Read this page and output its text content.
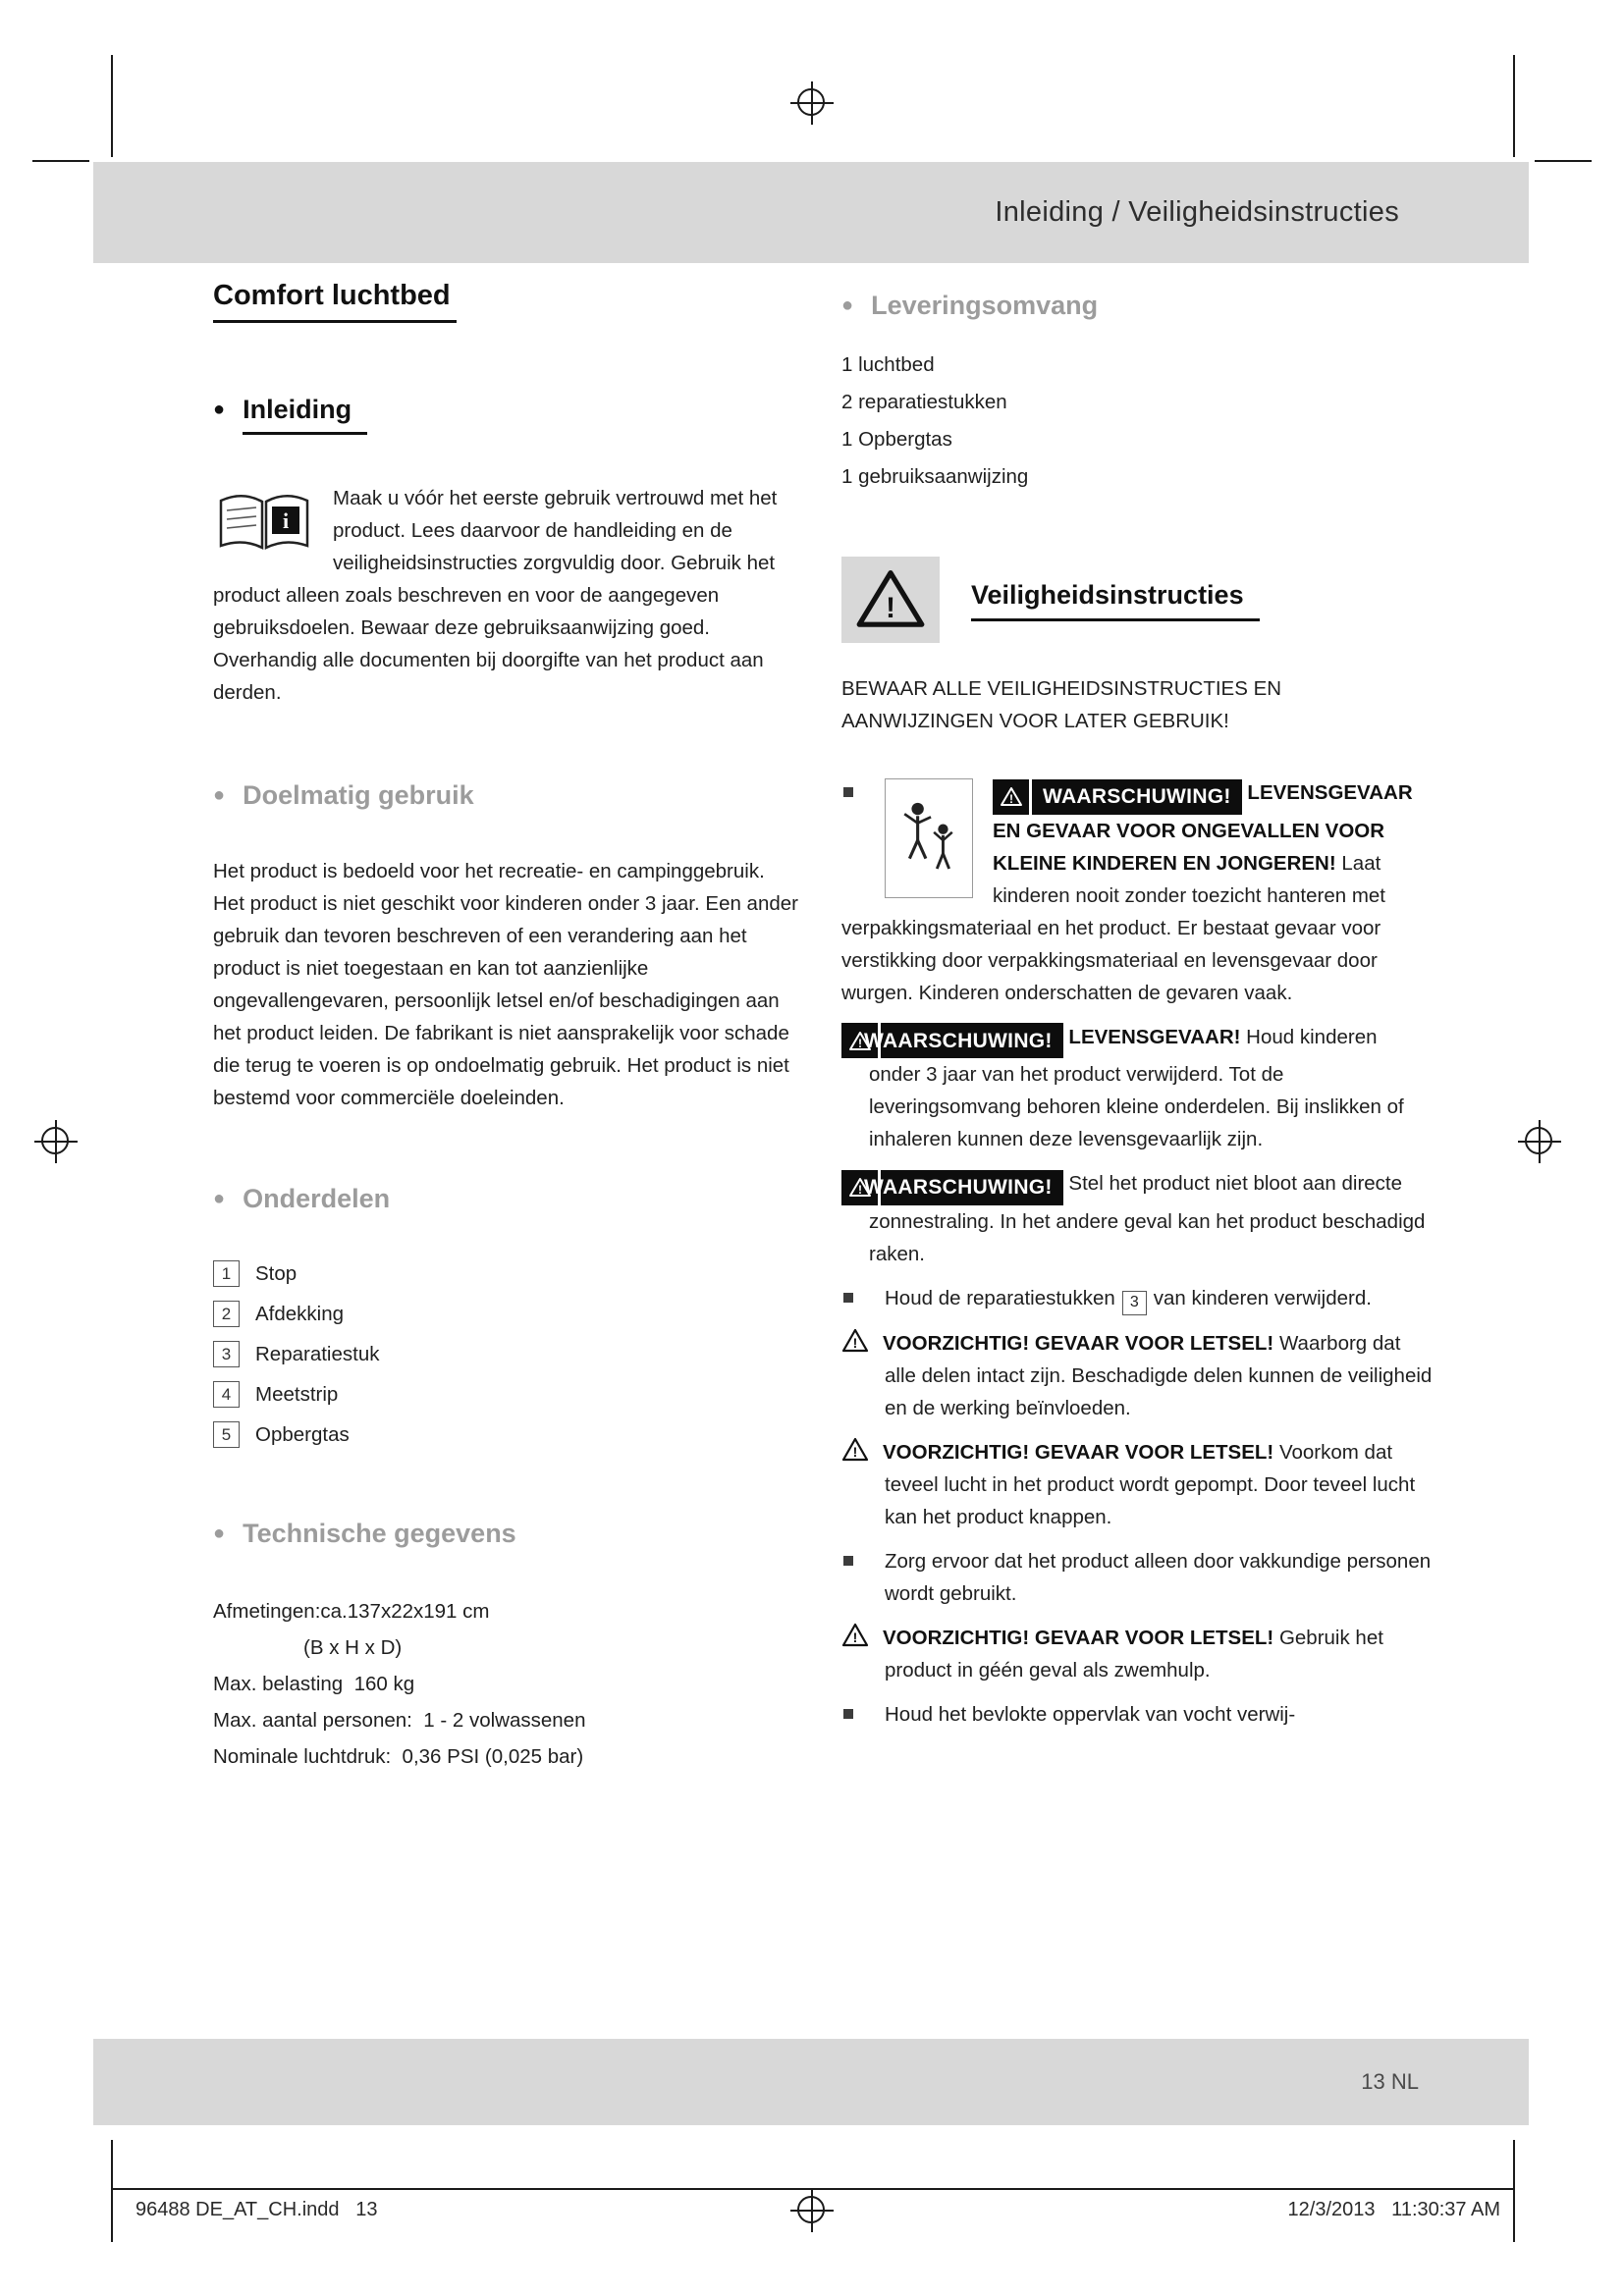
Inleiding / Veiligheidsinstructies
Comfort luchtbed
● Inleiding
i

Maak u vóór het eerste gebruik vertrouwd met het product. Lees daarvoor de handleiding en de veiligheidsinstructies zorgvuldig door. Gebruik het product alleen zoals beschreven en voor de aangegeven gebruiksdoelen. Bewaar deze gebruiksaanwijzing goed. Overhandig alle documenten bij doorgifte van het product aan derden.

● Doelmatig gebruik

Het product is bedoeld voor het recreatie- en campinggebruik. Het product is niet geschikt voor kinderen onder 3 jaar. Een ander gebruik dan tevoren beschreven of een verandering aan het product is niet toegestaan en kan tot aanzienlijke ongevallengevaren, persoonlijk letsel en/of beschadigingen aan het product leiden. De fabrikant is niet aansprakelijk voor schade die terug te voeren is op ondoelmatig gebruik. Het product is niet bestemd voor commerciële doeleinden.

● Onderdelen
1	Stop
2	Afdekking
3	Reparatiestuk
4	Meetstrip
5	Opbergtas
● Technische gegevens
Afmetingen:ca.137x22x191 cm
(B x H x D)
Max. belasting  160 kg
Max. aantal personen:  1 - 2 volwassenen
Nominale luchtdruk:  0,36 PSI (0,025 bar)
● Leveringsomvang

1 luchtbed

2 reparatiestukken

1 Opbergtas

1 gebruiksaanwijzing

!	Veiligheidsinstructies

BEWAAR ALLE VEILIGHEIDSINSTRUCTIES EN AANWIJZINGEN VOOR LATER GEBRUIK!

!	WAARSCHUWING! LEVENSGEVAAR EN GEVAAR VOOR ONGEVALLEN VOOR KLEINE KINDEREN EN JONGEREN! Laat kinderen nooit zonder toezicht hanteren met verpakkingsmateriaal en het product. Er bestaat gevaar voor verstikking door verpakkingsmateriaal en levensgevaar door wurgen. Kinderen onderschatten de gevaren vaak.

! WAARSCHUWING! LEVENSGEVAAR! Houd kinderen onder 3 jaar van het product verwijderd. Tot de leveringsomvang behoren kleine onderdelen. Bij inslikken of inhaleren kunnen deze levensgevaarlijk zijn.

! WAARSCHUWING! Stel het product niet bloot aan directe zonnestraling. In het andere geval kan het product beschadigd raken.

Houd de reparatiestukken 3 van kinderen verwijderd.

! VOORZICHTIG! GEVAAR VOOR LETSEL! Waarborg dat alle delen intact zijn. Beschadigde delen kunnen de veiligheid en de werking beïnvloeden.

! VOORZICHTIG! GEVAAR VOOR LETSEL! Voorkom dat teveel lucht in het product wordt gepompt. Door teveel lucht kan het product knappen.

Zorg ervoor dat het product alleen door vakkundige personen wordt gebruikt.

! VOORZICHTIG! GEVAAR VOOR LETSEL! Gebruik het product in géén geval als zwemhulp.

Houd het bevlokte oppervlak van vocht verwij-

13 NL
96488 DE_AT_CH.indd   13	12/3/2013   11:30:37 AM
